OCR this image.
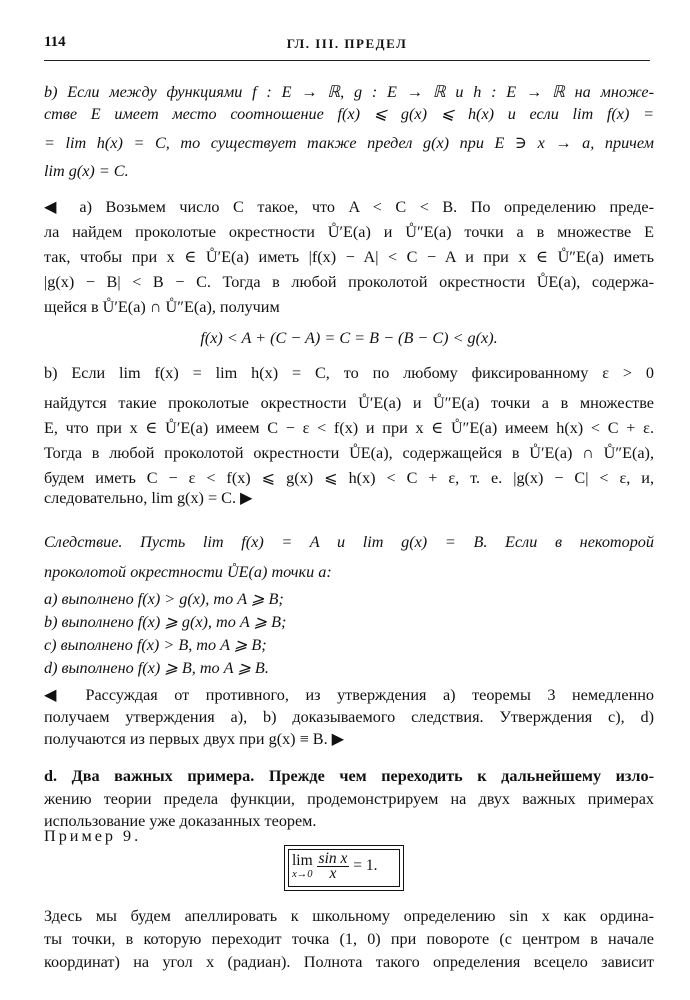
114	ГЛ. III. ПРЕДЕЛ
b) Если между функциями f : E → ℝ, g : E → ℝ и h : E → ℝ на множе-
стве E имеет место соотношение f(x) ⩽ g(x) ⩽ h(x) и если lim f(x) =
= lim h(x) = C, то существует также предел g(x) при E ∋ x → a, причем
lim g(x) = C.
◀ a) Возьмем число C такое, что A < C < B. По определению преде-
ла найдем проколотые окрестности Ů′E(a) и Ů″E(a) точки a в множестве E
так, чтобы при x ∈ Ů′E(a) иметь |f(x) − A| < C − A и при x ∈ Ů″E(a) иметь
|g(x) − B| < B − C. Тогда в любой проколотой окрестности ŮE(a), содержа-
щейся в Ů′E(a) ∩ Ů″E(a), получим
f(x) < A + (C − A) = C = B − (B − C) < g(x).
b) Если lim f(x) = lim h(x) = C, то по любому фиксированному ε > 0
найдутся такие проколотые окрестности Ů′E(a) и Ů″E(a) точки a в множестве
E, что при x ∈ Ů′E(a) имеем C − ε < f(x) и при x ∈ Ů″E(a) имеем h(x) < C + ε.
Тогда в любой проколотой окрестности ŮE(a), содержащейся в Ů′E(a) ∩ Ů″E(a),
будем иметь C − ε < f(x) ⩽ g(x) ⩽ h(x) < C + ε, т. е. |g(x) − C| < ε, и,
следовательно, lim g(x) = C. ▶
Следствие. Пусть lim f(x) = A и lim g(x) = B. Если в некоторой
проколотой окрестности ŮE(a) точки a:
a) выполнено f(x) > g(x), то A ⩾ B;
b) выполнено f(x) ⩾ g(x), то A ⩾ B;
c) выполнено f(x) > B, то A ⩾ B;
d) выполнено f(x) ⩾ B, то A ⩾ B.
◀ Рассуждая от противного, из утверждения a) теоремы 3 немедленно
получаем утверждения a), b) доказываемого следствия. Утверждения c), d)
получаются из первых двух при g(x) ≡ B. ▶
d. Два важных примера. Прежде чем переходить к дальнейшему изло-
жению теории предела функции, продемонстрируем на двух важных примерах
использование уже доказанных теорем.
Пример 9.
lim
x→0
$\frac{\text{sin x}}{x} = 1$.
Здесь мы будем апеллировать к школьному определению sin x как ордина-
ты точки, в которую переходит точка (1, 0) при повороте (с центром в начале
координат) на угол x (радиан). Полнота такого определения всецело зависит
